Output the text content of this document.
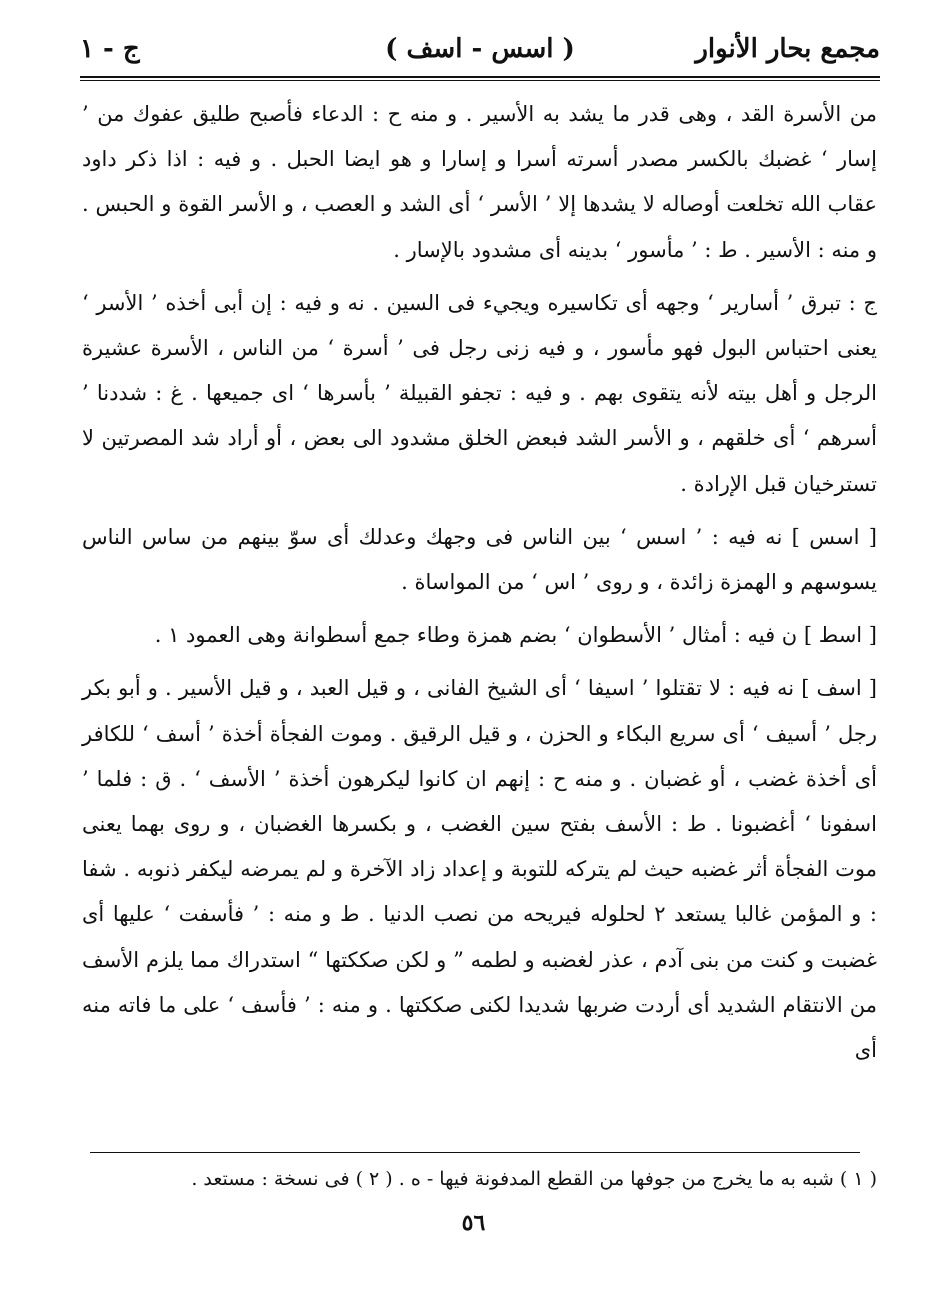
ج - ١	( اسس - اسف )	مجمع بحار الأنوار

من الأسرة القد ، وهى قدر ما يشد به الأسير . و منه ح : الدعاء فأصبح طليق عفوك من ’ إسار ‘ غضبك بالكسر مصدر أسرته أسرا و إسارا و هو ايضا الحبل . و فيه : اذا ذكر داود عقاب الله تخلعت أوصاله لا يشدها إلا ’ الأسر ‘ أى الشد و العصب ، و الأسر القوة و الحبس . و منه : الأسير . ط : ’ مأسور ‘ بدينه أى مشدود بالإسار .

ج : تبرق ’ أسارير ‘ وجهه أى تكاسيره ويجيء فى السين . نه و فيه : إن أبى أخذه ’ الأسر ‘ يعنى احتباس البول فهو مأسور ، و فيه زنى رجل فى ’ أسرة ‘ من الناس ، الأسرة عشيرة الرجل و أهل بيته لأنه يتقوى بهم . و فيه : تجفو القبيلة ’ بأسرها ‘ اى جميعها . غ : شددنا ’ أسرهم ‘ أى خلقهم ، و الأسر الشد فبعض الخلق مشدود الى بعض ، أو أراد شد المصرتين لا تسترخيان قبل الإرادة .

[ اسس ] نه فيه : ’ اسس ‘ بين الناس فى وجهك وعدلك أى سوّ بينهم من ساس الناس يسوسهم و الهمزة زائدة ، و روى ’ اس ‘ من المواساة .

[ اسط ] ن فيه : أمثال ’ الأسطوان ‘ بضم همزة وطاء جمع أسطوانة وهى العمود ١ .

[ اسف ] نه فيه : لا تقتلوا ’ اسيفا ‘ أى الشيخ الفانى ، و قيل العبد ، و قيل الأسير . و أبو بكر رجل ’ أسيف ‘ أى سريع البكاء و الحزن ، و قيل الرقيق . وموت الفجأة أخذة ’ أسف ‘ للكافر أى أخذة غضب ، أو غضبان . و منه ح : إنهم ان كانوا ليكرهون أخذة ’ الأسف ‘ . ق : فلما ’ اسفونا ‘ أغضبونا . ط : الأسف بفتح سين الغضب ، و بكسرها الغضبان ، و روى بهما يعنى موت الفجأة أثر غضبه حيث لم يتركه للتوبة و إعداد زاد الآخرة و لم يمرضه ليكفر ذنوبه . شفا : و المؤمن غالبا يستعد ٢ لحلوله فيريحه من نصب الدنيا . ط و منه : ’ فأسفت ‘ عليها أى غضبت و كنت من بنى آدم ، عذر لغضبه و لطمه ” و لكن صككتها “ استدراك مما يلزم الأسف من الانتقام الشديد أى أردت ضربها شديدا لكنى صككتها . و منه : ’ فأسف ‘ على ما فاته منه أى

( ١ ) شبه به ما يخرج من جوفها من القطع المدفونة فيها - ه . ( ٢ ) فى نسخة : مستعد .
٥٦
